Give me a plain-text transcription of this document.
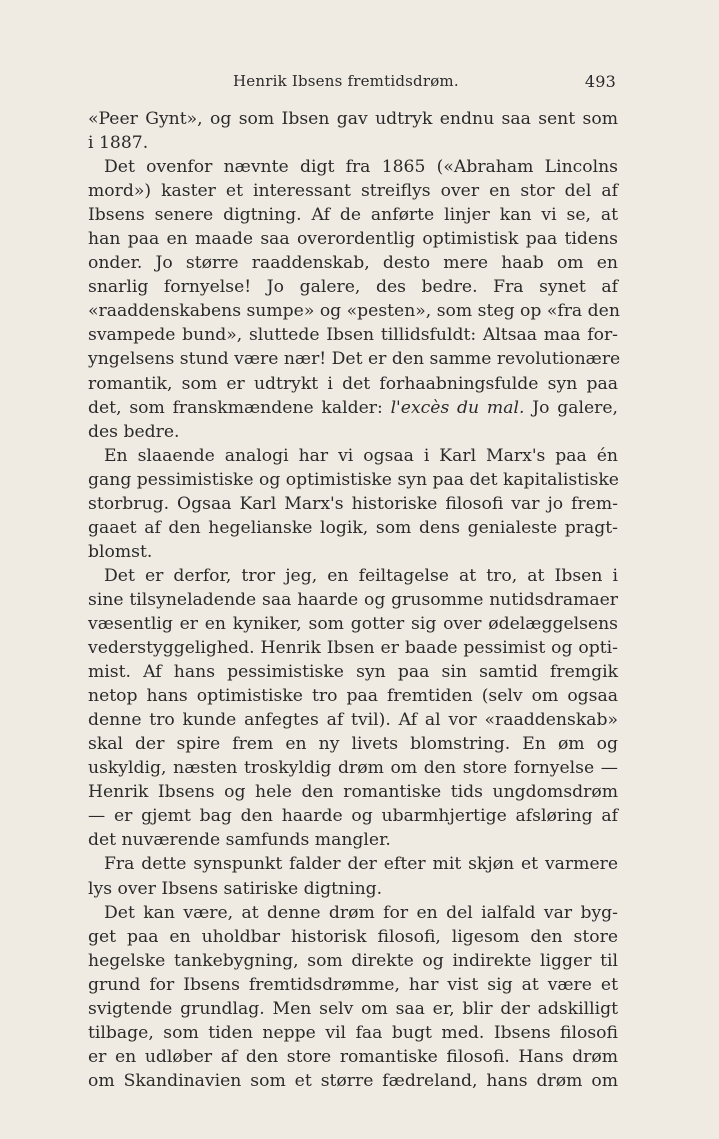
Henrik Ibsens fremtidsdrøm.	493
«Peer Gynt», og som Ibsen gav udtryk endnu saa sent som
i 1887.
Det ovenfor nævnte digt fra 1865 («Abraham Lincolns
mord») kaster et interessant streiflys over en stor del af
Ibsens senere digtning. Af de anførte linjer kan vi se, at
han paa en maade saa overordentlig optimistisk paa tidens
onder. Jo større raaddenskab, desto mere haab om en
snarlig fornyelse! Jo galere, des bedre. Fra synet af
«raaddenskabens sumpe» og «pesten», som steg op «fra den
svampede bund», sluttede Ibsen tillidsfuldt: Altsaa maa for-
yngelsens stund være nær! Det er den samme revolutionære
romantik, som er udtrykt i det forhaabningsfulde syn paa
det, som franskmændene kalder: l'excès du mal. Jo galere,
des bedre.
En slaaende analogi har vi ogsaa i Karl Marx's paa én
gang pessimistiske og optimistiske syn paa det kapitalistiske
storbrug. Ogsaa Karl Marx's historiske filosofi var jo frem-
gaaet af den hegelianske logik, som dens genialeste pragt-
blomst.
Det er derfor, tror jeg, en feiltagelse at tro, at Ibsen i
sine tilsyneladende saa haarde og grusomme nutidsdramaer
væsentlig er en kyniker, som gotter sig over ødelæggelsens
vederstyggelighed. Henrik Ibsen er baade pessimist og opti-
mist. Af hans pessimistiske syn paa sin samtid fremgik
netop hans optimistiske tro paa fremtiden (selv om ogsaa
denne tro kunde anfegtes af tvil). Af al vor «raaddenskab»
skal der spire frem en ny livets blomstring. En øm og
uskyldig, næsten troskyldig drøm om den store fornyelse —
Henrik Ibsens og hele den romantiske tids ungdomsdrøm
— er gjemt bag den haarde og ubarmhjertige afsløring af
det nuværende samfunds mangler.
Fra dette synspunkt falder der efter mit skjøn et varmere
lys over Ibsens satiriske digtning.
Det kan være, at denne drøm for en del ialfald var byg-
get paa en uholdbar historisk filosofi, ligesom den store
hegelske tankebygning, som direkte og indirekte ligger til
grund for Ibsens fremtidsdrømme, har vist sig at være et
svigtende grundlag. Men selv om saa er, blir der adskilligt
tilbage, som tiden neppe vil faa bugt med. Ibsens filosofi
er en udløber af den store romantiske filosofi. Hans drøm
om Skandinavien som et større fædreland, hans drøm om
